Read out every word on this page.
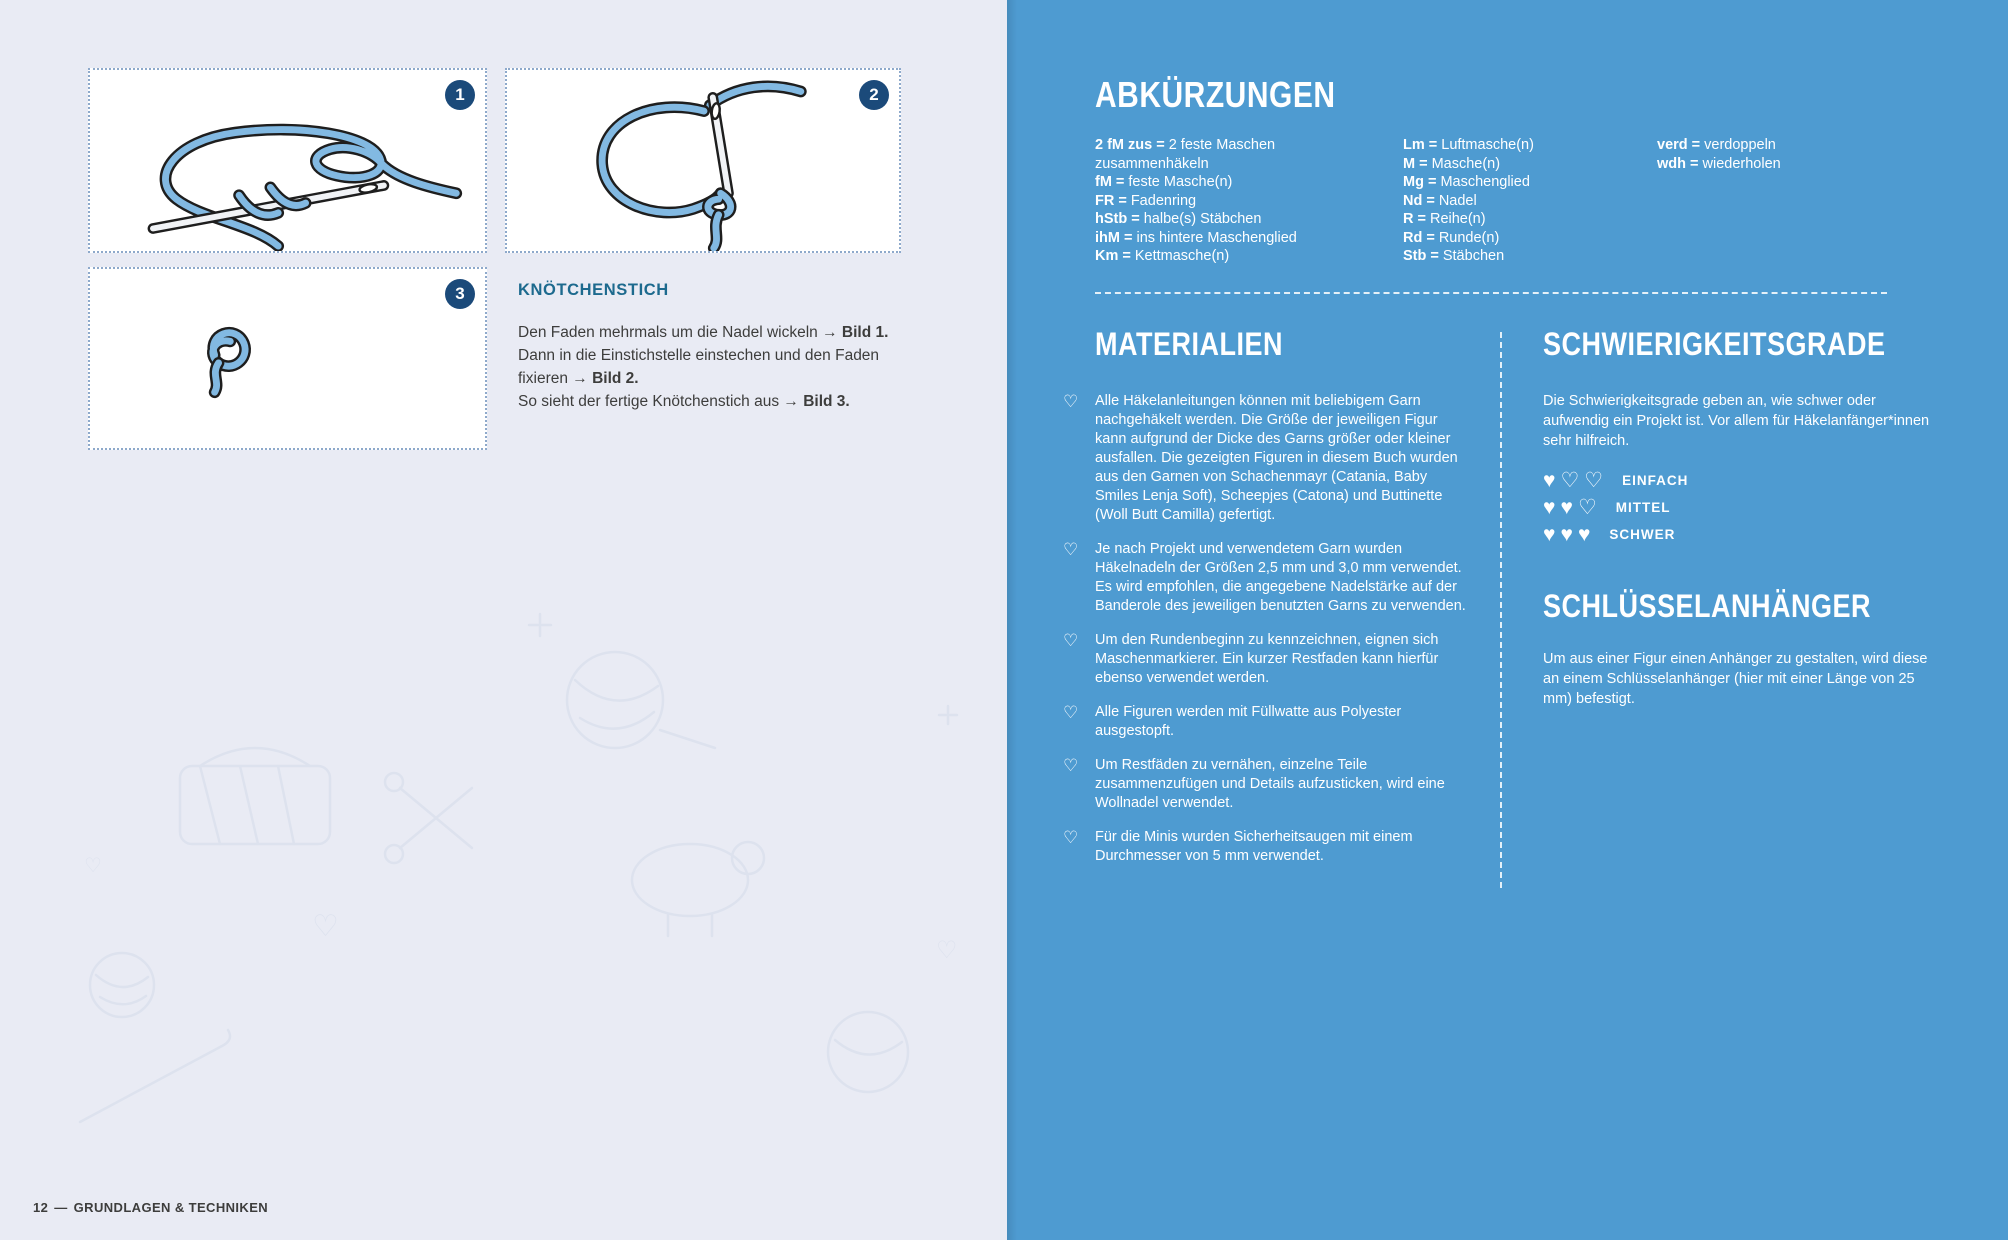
♡
♡
♡
1	2
3	KNÖTCHENSTICH

Den Faden mehrmals um die Nadel wickeln → Bild 1. Dann in die Einstichstelle einstechen und den Faden fixieren → Bild 2.

So sieht der fertige Knötchenstich aus → Bild 3.

12 — GRUNDLAGEN & TECHNIKEN
ABKÜRZUNGEN
2 fM zus = 2 feste Maschen zusammenhäkeln
fM = feste Masche(n)
FR = Fadenring
hStb = halbe(s) Stäbchen
ihM = ins hintere Maschenglied
Km = Kettmasche(n)
Lm = Luftmasche(n)
M = Masche(n)
Mg = Maschenglied
Nd = Nadel
R = Reihe(n)
Rd = Runde(n)
Stb = Stäbchen
verd = verdoppeln
wdh = wiederholen
MATERIALIEN
♡	Alle Häkelanleitungen können mit beliebigem Garn nachgehäkelt werden. Die Größe der jeweiligen Figur kann aufgrund der Dicke des Garns größer oder kleiner ausfallen. Die gezeigten Figuren in diesem Buch wurden aus den Garnen von Schachenmayr (Catania, Baby Smiles Lenja Soft), Scheepjes (Catona) und Buttinette (Woll Butt Camilla) gefertigt.
♡	Je nach Projekt und verwendetem Garn wurden Häkelnadeln der Größen 2,5 mm und 3,0 mm verwendet. Es wird empfohlen, die angegebene Nadelstärke auf der Banderole des jeweiligen benutzten Garns zu verwenden.
♡	Um den Rundenbeginn zu kennzeichnen, eignen sich Maschenmarkierer. Ein kurzer Restfaden kann hierfür ebenso verwendet werden.
♡	Alle Figuren werden mit Füllwatte aus Polyester ausgestopft.
♡	Um Restfäden zu vernähen, einzelne Teile zusammenzufügen und Details aufzusticken, wird eine Wollnadel verwendet.
♡	Für die Minis wurden Sicherheitsaugen mit einem Durchmesser von 5 mm verwendet.
SCHWIERIGKEITSGRADE
Die Schwierigkeitsgrade geben an, wie schwer oder aufwendig ein Projekt ist. Vor allem für Häkelanfänger*innen sehr hilfreich.
♥♡♡ EINFACH
♥♥♡ MITTEL
♥♥♥ SCHWER
SCHLÜSSELANHÄNGER
Um aus einer Figur einen Anhänger zu gestalten, wird diese an einem Schlüsselanhänger (hier mit einer Länge von 25 mm) befestigt.
